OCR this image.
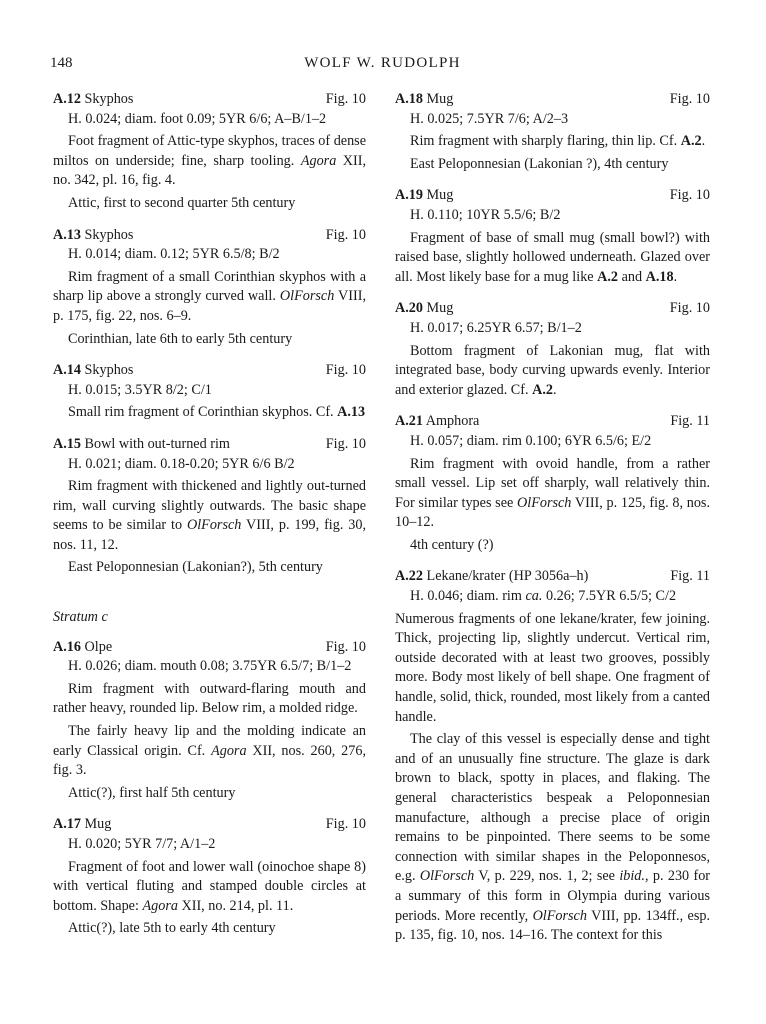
148	WOLF W. RUDOLPH
A.12 Skyphos	Fig. 10
H. 0.024; diam. foot 0.09; 5YR 6/6; A–B/1–2
Foot fragment of Attic-type skyphos, traces of dense miltos on underside; fine, sharp tooling. Agora XII, no. 342, pl. 16, fig. 4.
Attic, first to second quarter 5th century
A.13 Skyphos	Fig. 10
H. 0.014; diam. 0.12; 5YR 6.5/8; B/2
Rim fragment of a small Corinthian skyphos with a sharp lip above a strongly curved wall. OlForsch VIII, p. 175, fig. 22, nos. 6–9.
Corinthian, late 6th to early 5th century
A.14 Skyphos	Fig. 10
H. 0.015; 3.5YR 8/2; C/1
Small rim fragment of Corinthian skyphos. Cf. A.13
A.15 Bowl with out-turned rim	Fig. 10
H. 0.021; diam. 0.18-0.20; 5YR 6/6 B/2
Rim fragment with thickened and lightly out-turned rim, wall curving slightly outwards. The basic shape seems to be similar to OlForsch VIII, p. 199, fig. 30, nos. 11, 12.
East Peloponnesian (Lakonian?), 5th century
Stratum c
A.16 Olpe	Fig. 10
H. 0.026; diam. mouth 0.08; 3.75YR 6.5/7; B/1–2
Rim fragment with outward-flaring mouth and rather heavy, rounded lip. Below rim, a molded ridge.
The fairly heavy lip and the molding indicate an early Classical origin. Cf. Agora XII, nos. 260, 276, fig. 3.
Attic(?), first half 5th century
A.17 Mug	Fig. 10
H. 0.020; 5YR 7/7; A/1–2
Fragment of foot and lower wall (oinochoe shape 8) with vertical fluting and stamped double circles at bottom. Shape: Agora XII, no. 214, pl. 11.
Attic(?), late 5th to early 4th century
A.18 Mug	Fig. 10
H. 0.025; 7.5YR 7/6; A/2–3
Rim fragment with sharply flaring, thin lip. Cf. A.2.
East Peloponnesian (Lakonian ?), 4th century
A.19 Mug	Fig. 10
H. 0.110; 10YR 5.5/6; B/2
Fragment of base of small mug (small bowl?) with raised base, slightly hollowed underneath. Glazed over all. Most likely base for a mug like A.2 and A.18.
A.20 Mug	Fig. 10
H. 0.017; 6.25YR 6.57; B/1–2
Bottom fragment of Lakonian mug, flat with integrated base, body curving upwards evenly. Interior and exterior glazed. Cf. A.2.
A.21 Amphora	Fig. 11
H. 0.057; diam. rim 0.100; 6YR 6.5/6; E/2
Rim fragment with ovoid handle, from a rather small vessel. Lip set off sharply, wall relatively thin. For similar types see OlForsch VIII, p. 125, fig. 8, nos. 10–12.
4th century (?)
A.22 Lekane/krater (HP 3056a–h)	Fig. 11
H. 0.046; diam. rim ca. 0.26; 7.5YR 6.5/5; C/2
Numerous fragments of one lekane/krater, few joining. Thick, projecting lip, slightly undercut. Vertical rim, outside decorated with at least two grooves, possibly more. Body most likely of bell shape. One fragment of handle, solid, thick, rounded, most likely from a canted handle.
The clay of this vessel is especially dense and tight and of an unusually fine structure. The glaze is dark brown to black, spotty in places, and flaking. The general characteristics bespeak a Peloponnesian manufacture, although a precise place of origin remains to be pinpointed. There seems to be some connection with similar shapes in the Peloponnesos, e.g. OlForsch V, p. 229, nos. 1, 2; see ibid., p. 230 for a summary of this form in Olympia during various periods. More recently, OlForsch VIII, pp. 134ff., esp. p. 135, fig. 10, nos. 14–16. The context for this
